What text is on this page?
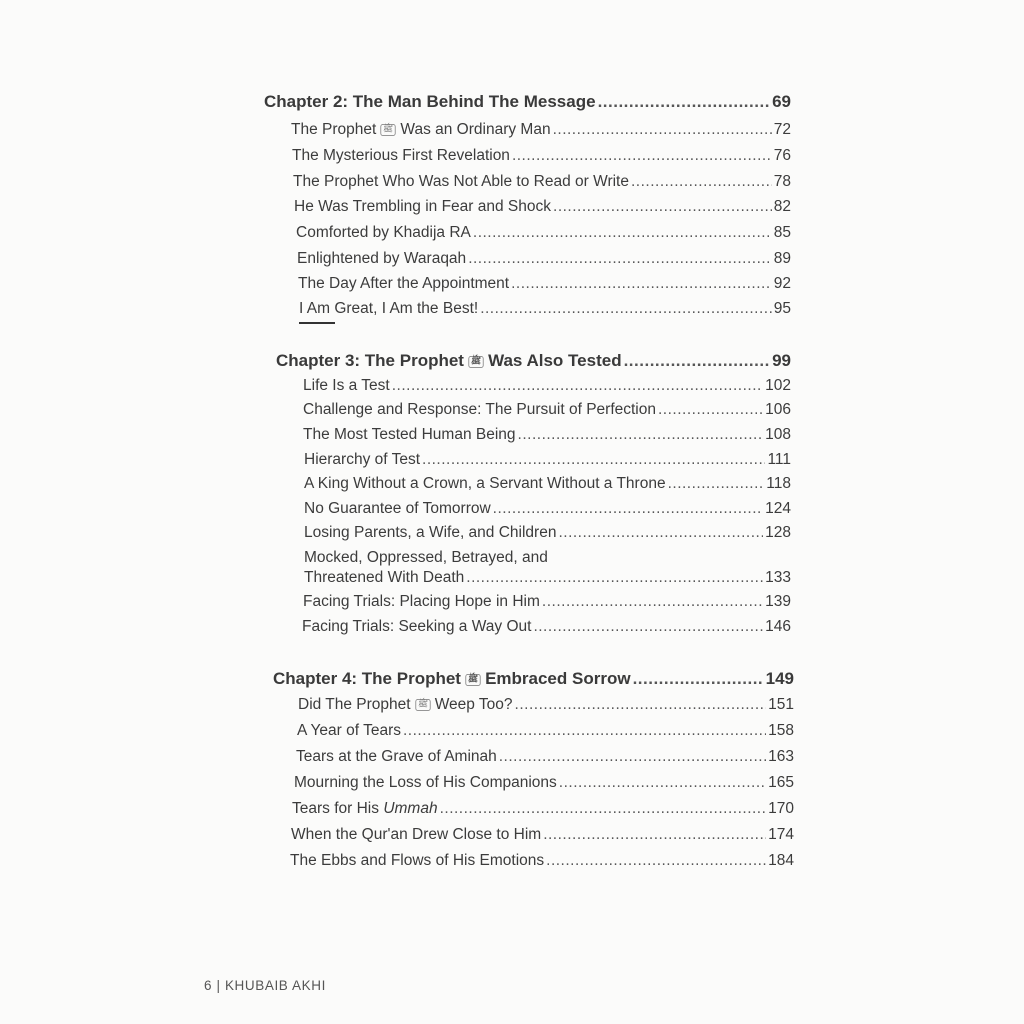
Chapter 2: The Man Behind The Message .....	69
The Prophet ﷺ Was an Ordinary Man .....	72
The Mysterious First Revelation .....	76
The Prophet Who Was Not Able to Read or Write .....	78
He Was Trembling in Fear and Shock .....	82
Comforted by Khadija RA .....	85
Enlightened by Waraqah .....	89
The Day After the Appointment .....	92
I Am Great, I Am the Best! .....	95
Chapter 3: The Prophet ﷺ Was Also Tested .....	99
Life Is a Test .....	102
Challenge and Response: The Pursuit of Perfection .....	106
The Most Tested Human Being .....	108
Hierarchy of Test .....	111
A King Without a Crown, a Servant Without a Throne .....	118
No Guarantee of Tomorrow .....	124
Losing Parents, a Wife, and Children .....	128
Mocked, Oppressed, Betrayed, and
Threatened With Death .....	133
Facing Trials: Placing Hope in Him .....	139
Facing Trials: Seeking a Way Out .....	146
Chapter 4: The Prophet ﷺ Embraced Sorrow .....	149
Did The Prophet ﷺ Weep Too? .....	151
A Year of Tears .....	158
Tears at the Grave of Aminah .....	163
Mourning the Loss of His Companions .....	165
Tears for His Ummah .....	170
When the Qur'an Drew Close to Him .....	174
The Ebbs and Flows of His Emotions .....	184
6 | KHUBAIB AKHI
